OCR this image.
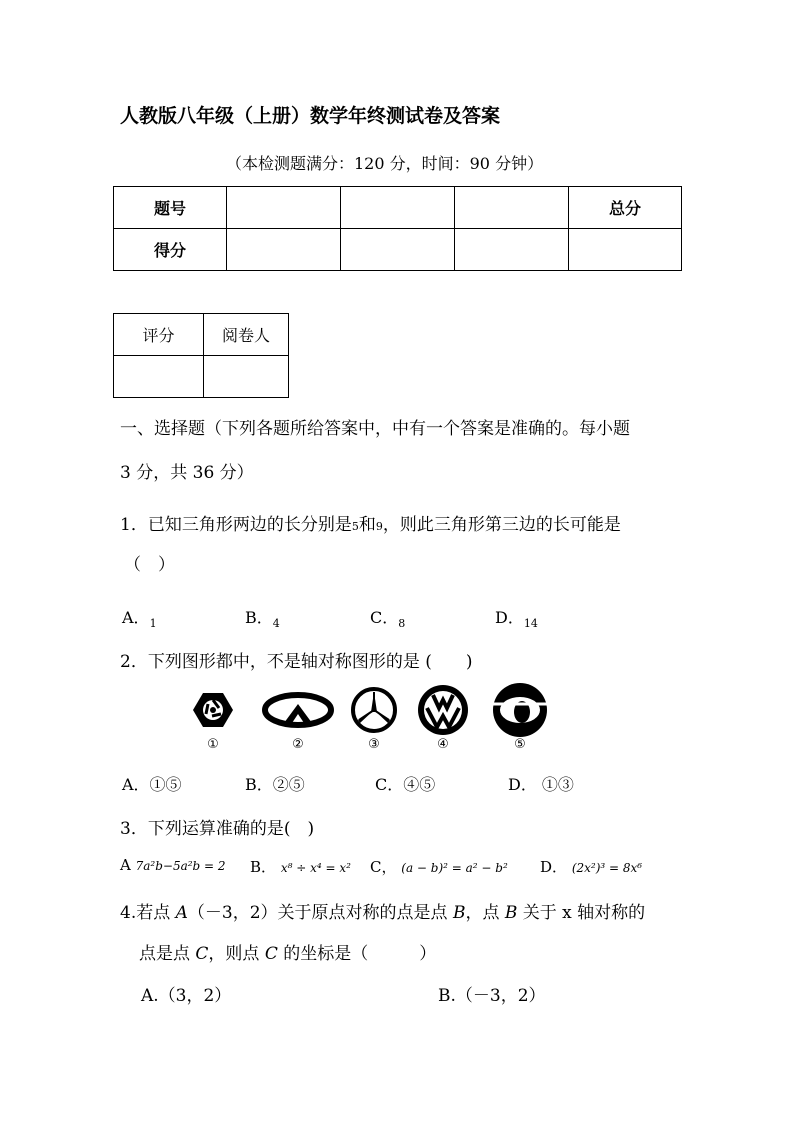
人教版八年级（上册）数学年终测试卷及答案
（本检测题满分：120 分，时间：90 分钟）
题号				总分
得分				
评分	阅卷人

一、选择题（下列各题所给答案中，中有一个答案是准确的。每小题
3 分，共 36 分）
1．已知三角形两边的长分别是5和9，则此三角形第三边的长可能是
（　）
A．$_1$	B．$_4$	C．$_8$	D．$_{14}$
2．下列图形都中，不是轴对称图形的是 (　　)
①	②	③	④	⑤
A．①⑤	B．②⑤	C．④⑤	D． ①③
3．下列运算准确的是(　)
A 7a²b−5a²b = 2 B． x⁸ ÷ x⁴ = x² C， (a − b)² = a² − b² D． (2x²)³ = 8x⁶
4.若点 A（－3，2）关于原点对称的点是点 B，点 B 关于 x 轴对称的
点是点 C，则点 C 的坐标是（　　　）
A.（3，2）	B.（－3，2）
